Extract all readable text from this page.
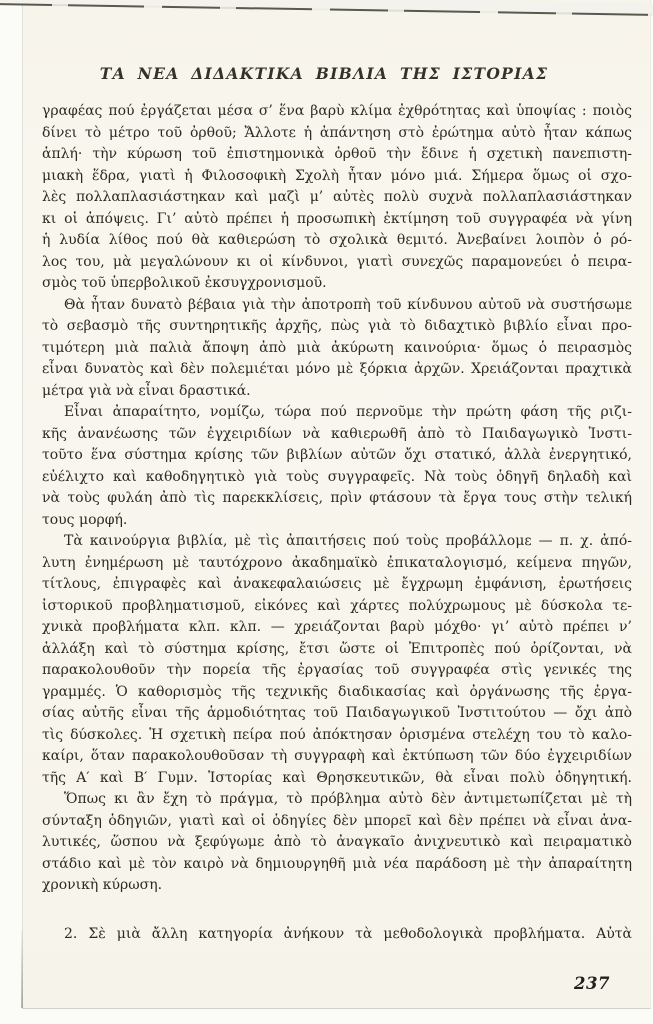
ΤΑ ΝΕΑ ΔΙΔΑΚΤΙΚΑ ΒΙΒΛΙΑ ΤΗΣ ΙΣΤΟΡΙΑΣ
γραφέας πού ἐργάζεται μέσα σ’ ἕνα βαρὺ κλίμα ἐχθρότητας καὶ ὑποψίας : ποιὸς
δίνει τὸ μέτρο τοῦ ὀρθοῦ; Ἄλλοτε ἡ ἀπάντηση στὸ ἐρώτημα αὐτὸ ἦταν κάπως
ἁπλή· τὴν κύρωση τοῦ ἐπιστημονικὰ ὀρθοῦ τὴν ἔδινε ἡ σχετικὴ πανεπιστη-
μιακὴ ἕδρα, γιατὶ ἡ Φιλοσοφικὴ Σχολὴ ἦταν μόνο μιά. Σήμερα ὅμως οἱ σχο-
λὲς πολλαπλασιάστηκαν καὶ μαζὶ μ’ αὐτὲς πολὺ συχνὰ πολλαπλασιάστηκαν
κι οἱ ἀπόψεις. Γι’ αὐτὸ πρέπει ἡ προσωπικὴ ἐκτίμηση τοῦ συγγραφέα νὰ γίνη
ἡ λυδία λίθος πού θὰ καθιερώση τὸ σχολικὰ θεμιτό. Ἀνεβαίνει λοιπὸν ὁ ρό-
λος του, μὰ μεγαλώνουν κι οἱ κίνδυνοι, γιατὶ συνεχῶς παραμονεύει ὁ πειρα-
σμὸς τοῦ ὑπερβολικοῦ ἐκσυγχρονισμοῦ.
Θὰ ἦταν δυνατὸ βέβαια γιὰ τὴν ἀποτροπὴ τοῦ κίνδυνου αὐτοῦ νὰ συστήσωμε
τὸ σεβασμὸ τῆς συντηρητικῆς ἀρχῆς, πὼς γιὰ τὸ διδαχτικὸ βιβλίο εἶναι προ-
τιμότερη μιὰ παλιὰ ἄποψη ἀπὸ μιὰ ἀκύρωτη καινούρια· ὅμως ὁ πειρασμὸς
εἶναι δυνατὸς καὶ δὲν πολεμιέται μόνο μὲ ξόρκια ἀρχῶν. Χρειάζονται πραχτικὰ
μέτρα γιὰ νὰ εἶναι δραστικά.
Εἶναι ἀπαραίτητο, νομίζω, τώρα πού περνοῦμε τὴν πρώτη φάση τῆς ριζι-
κῆς ἀνανέωσης τῶν ἐγχειριδίων νὰ καθιερωθῆ ἀπὸ τὸ Παιδαγωγικὸ Ἰνστι-
τοῦτο ἕνα σύστημα κρίσης τῶν βιβλίων αὐτῶν ὄχι στατικό, ἀλλὰ ἐνεργητικό,
εὐέλιχτο καὶ καθοδηγητικὸ γιὰ τοὺς συγγραφεῖς. Νὰ τοὺς ὁδηγῆ δηλαδὴ καὶ
νὰ τοὺς φυλάη ἀπὸ τὶς παρεκκλίσεις, πρὶν φτάσουν τὰ ἔργα τους στὴν τελική
τους μορφή.
Τὰ καινούργια βιβλία, μὲ τὶς ἀπαιτήσεις πού τοὺς προβάλλομε — π. χ. ἀπό-
λυτη ἐνημέρωση μὲ ταυτόχρονο ἀκαδημαϊκὸ ἐπικαταλογισμό, κείμενα πηγῶν,
τίτλους, ἐπιγραφὲς καὶ ἀνακεφαλαιώσεις μὲ ἔγχρωμη ἐμφάνιση, ἐρωτήσεις
ἱστορικοῦ προβληματισμοῦ, εἰκόνες καὶ χάρτες πολύχρωμους μὲ δύσκολα τε-
χνικὰ προβλήματα κλπ. κλπ. — χρειάζονται βαρὺ μόχθο· γι’ αὐτὸ πρέπει ν’
ἀλλάξη καὶ τὸ σύστημα κρίσης, ἔτσι ὥστε οἱ Ἐπιτροπὲς πού ὁρίζονται, νὰ
παρακολουθοῦν τὴν πορεία τῆς ἐργασίας τοῦ συγγραφέα στὶς γενικές της
γραμμές. Ὁ καθορισμὸς τῆς τεχνικῆς διαδικασίας καὶ ὀργάνωσης τῆς ἐργα-
σίας αὐτῆς εἶναι τῆς ἁρμοδιότητας τοῦ Παιδαγωγικοῦ Ἰνστιτούτου — ὄχι ἀπὸ
τὶς δύσκολες. Ἡ σχετικὴ πείρα πού ἀπόκτησαν ὁρισμένα στελέχη του τὸ καλο-
καίρι, ὅταν παρακολουθοῦσαν τὴ συγγραφὴ καὶ ἐκτύπωση τῶν δύο ἐγχειριδίων
τῆς Α′ καὶ Β′ Γυμν. Ἱστορίας καὶ Θρησκευτικῶν, θὰ εἶναι πολὺ ὁδηγητική.
Ὅπως κι ἂν ἔχη τὸ πράγμα, τὸ πρόβλημα αὐτὸ δὲν ἀντιμετωπίζεται μὲ τὴ
σύνταξη ὁδηγιῶν, γιατὶ καὶ οἱ ὁδηγίες δὲν μπορεῖ καὶ δὲν πρέπει νὰ εἶναι ἀνα-
λυτικές, ὥσπου νὰ ξεφύγωμε ἀπὸ τὸ ἀναγκαῖο ἀνιχνευτικὸ καὶ πειραματικὸ
στάδιο καὶ μὲ τὸν καιρὸ νὰ δημιουργηθῆ μιὰ νέα παράδοση μὲ τὴν ἀπαραίτητη
χρονικὴ κύρωση.
2. Σὲ μιὰ ἄλλη κατηγορία ἀνήκουν τὰ μεθοδολογικὰ προβλήματα. Αὐτὰ
237
